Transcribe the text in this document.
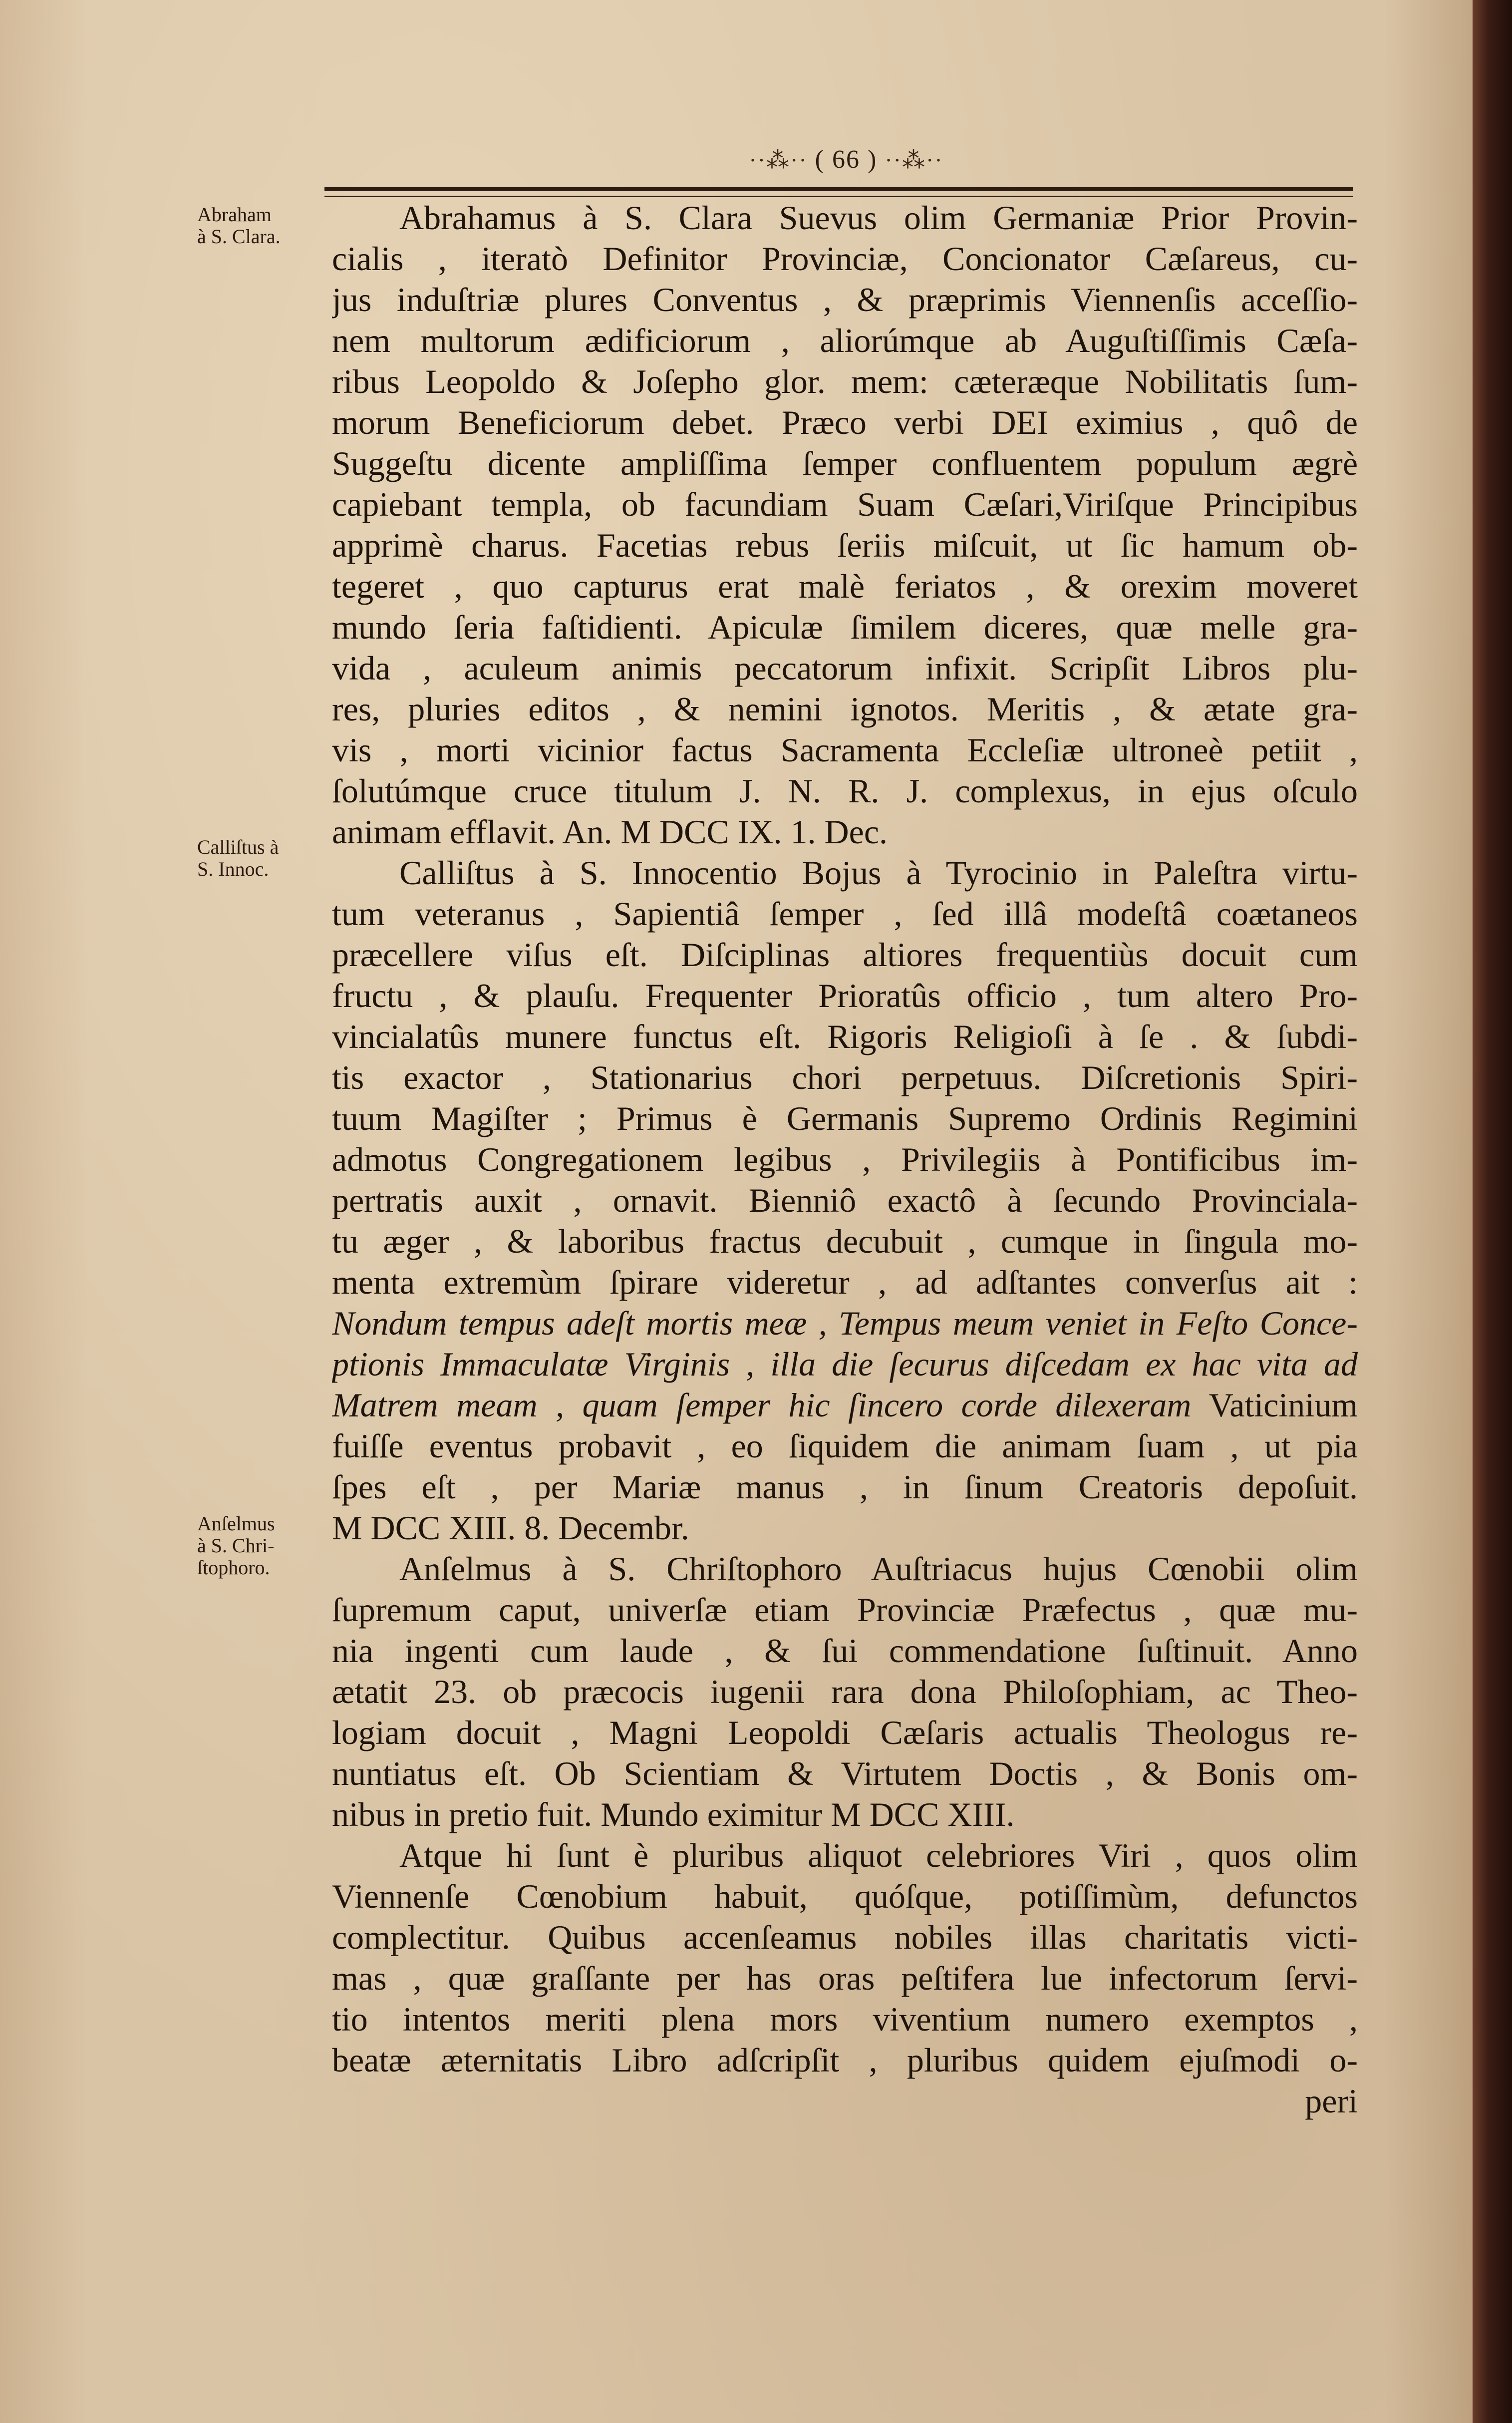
··⁂·· ( 66 ) ··⁂··
Abraham
à S. Clara.
Calliſtus à
S. Innoc.
Anſelmus
à S. Chri-
ſtophoro.
Abrahamus à S. Clara Suevus olim Germaniæ Prior Provin-
cialis , iteratò Definitor Provinciæ, Concionator Cæſareus, cu-
jus induſtriæ plures Conventus , & præprimis Viennenſis acceſſio-
nem multorum ædificiorum , aliorúmque ab Auguſtiſſimis Cæſa-
ribus Leopoldo & Joſepho glor. mem: cæteræque Nobilitatis ſum-
morum Beneficiorum debet. Præco verbi DEI eximius , quô de
Suggeſtu dicente ampliſſima ſemper confluentem populum ægrè
capiebant templa, ob facundiam Suam Cæſari,Viriſque Principibus
apprimè charus. Facetias rebus ſeriis miſcuit, ut ſic hamum ob-
tegeret , quo capturus erat malè feriatos , & orexim moveret
mundo ſeria faſtidienti. Apiculæ ſimilem diceres, quæ melle gra-
vida , aculeum animis peccatorum infixit. Scripſit Libros plu-
res, pluries editos , & nemini ignotos. Meritis , & ætate gra-
vis , morti vicinior factus Sacramenta Eccleſiæ ultroneè petiit ,
ſolutúmque cruce titulum J. N. R. J. complexus, in ejus oſculo
animam efflavit. An. M DCC IX. 1. Dec.
Calliſtus à S. Innocentio Bojus à Tyrocinio in Paleſtra virtu-
tum veteranus , Sapientiâ ſemper , ſed illâ modeſtâ coætaneos
præcellere viſus eſt. Diſciplinas altiores frequentiùs docuit cum
fructu , & plauſu. Frequenter Prioratûs officio , tum altero Pro-
vincialatûs munere functus eſt. Rigoris Religioſi à ſe . & ſubdi-
tis exactor , Stationarius chori perpetuus. Diſcretionis Spiri-
tuum Magiſter ; Primus è Germanis Supremo Ordinis Regimini
admotus Congregationem legibus , Privilegiis à Pontificibus im-
pertratis auxit , ornavit. Bienniô exactô à ſecundo Provinciala-
tu æger , & laboribus fractus decubuit , cumque in ſingula mo-
menta extremùm ſpirare videretur , ad adſtantes converſus ait :
Nondum tempus adeſt mortis meæ , Tempus meum veniet in Feſto Conce-
ptionis Immaculatæ Virginis , illa die ſecurus diſcedam ex hac vita ad
Matrem meam , quam ſemper hic ſincero corde dilexeram Vaticinium
fuiſſe eventus probavit , eo ſiquidem die animam ſuam , ut pia
ſpes eſt , per Mariæ manus , in ſinum Creatoris depoſuit.
M DCC XIII. 8. Decembr.
Anſelmus à S. Chriſtophoro Auſtriacus hujus Cœnobii olim
ſupremum caput, univerſæ etiam Provinciæ Præfectus , quæ mu-
nia ingenti cum laude , & ſui commendatione ſuſtinuit. Anno
ætatit 23. ob præcocis iugenii rara dona Philoſophiam, ac Theo-
logiam docuit , Magni Leopoldi Cæſaris actualis Theologus re-
nuntiatus eſt. Ob Scientiam & Virtutem Doctis , & Bonis om-
nibus in pretio fuit. Mundo eximitur M DCC XIII.
Atque hi ſunt è pluribus aliquot celebriores Viri , quos olim
Viennenſe Cœnobium habuit, quóſque, potiſſimùm, defunctos
complectitur. Quibus accenſeamus nobiles illas charitatis victi-
mas , quæ graſſante per has oras peſtifera lue infectorum ſervi-
tio intentos meriti plena mors viventium numero exemptos ,
beatæ æternitatis Libro adſcripſit , pluribus quidem ejuſmodi o-
peri
